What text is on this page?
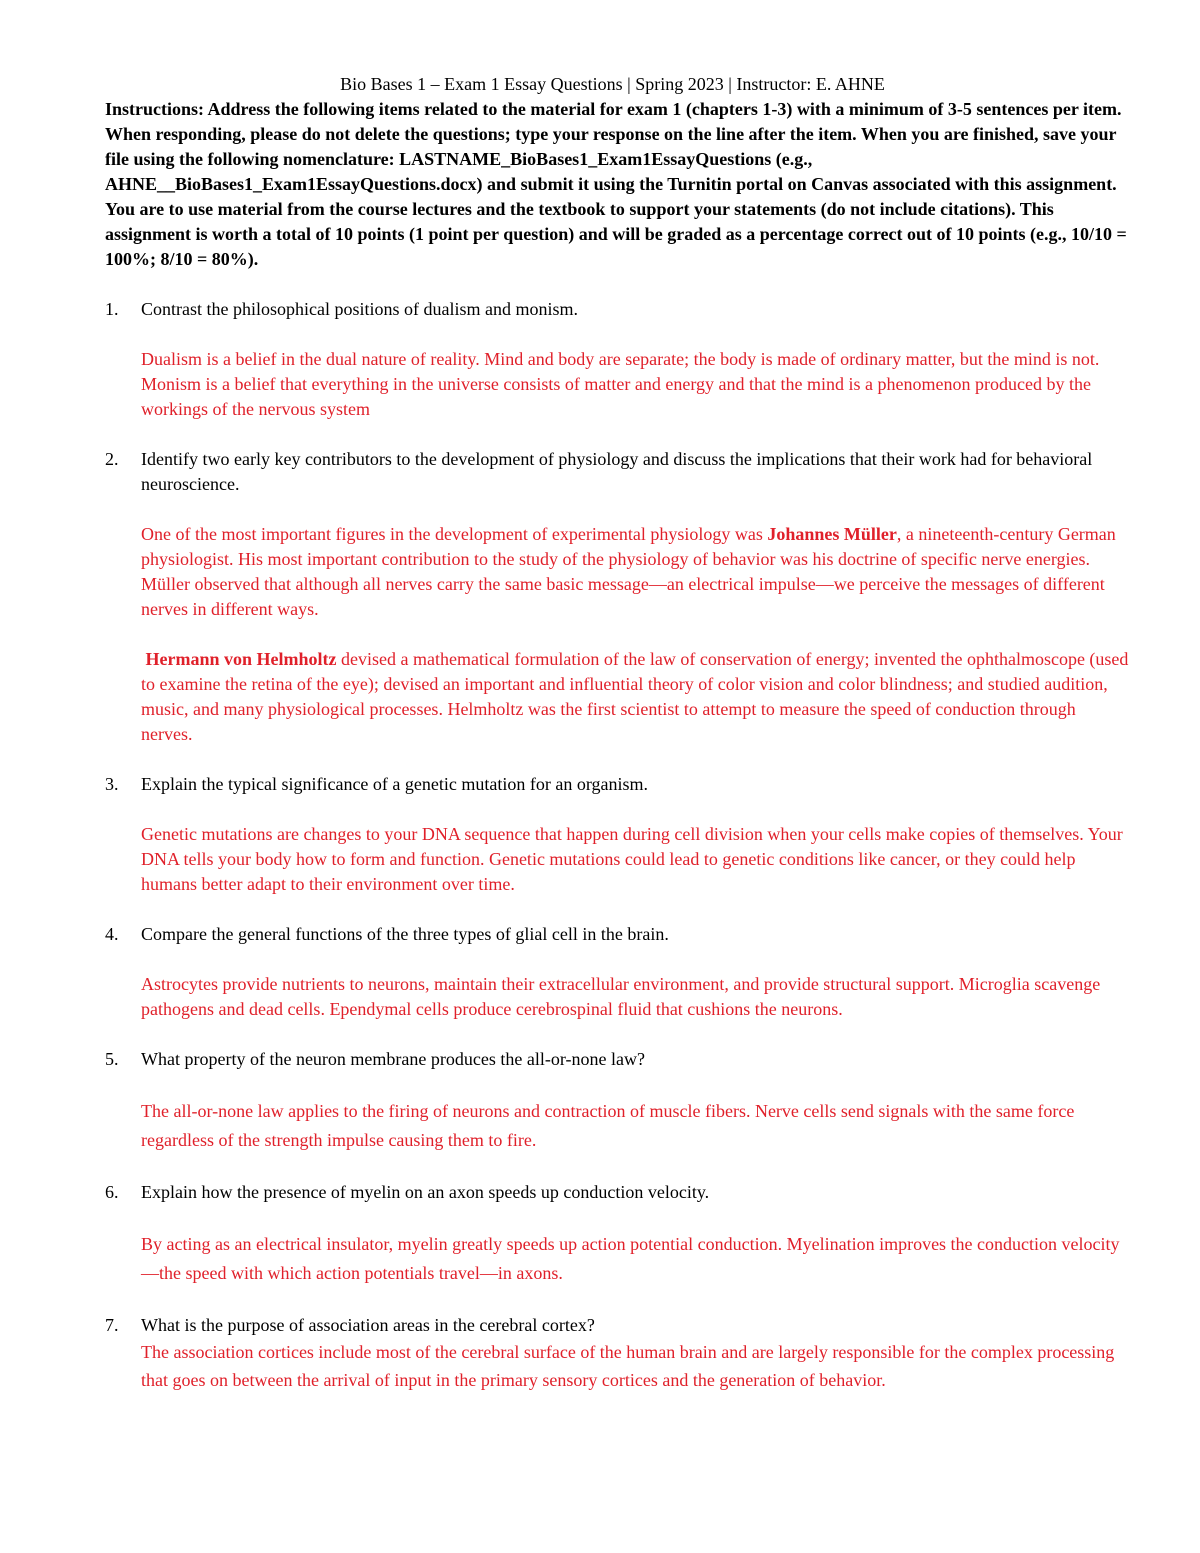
Bio Bases 1 – Exam 1 Essay Questions | Spring 2023 | Instructor: E. AHNE

Instructions: Address the following items related to the material for exam 1 (chapters 1-3) with a minimum of 3-5 sentences per item. When responding, please do not delete the questions; type your response on the line after the item. When you are finished, save your file using the following nomenclature: LASTNAME_BioBases1_Exam1EssayQuestions (e.g., AHNE__BioBases1_Exam1EssayQuestions.docx) and submit it using the Turnitin portal on Canvas associated with this assignment. You are to use material from the course lectures and the textbook to support your statements (do not include citations). This assignment is worth a total of 10 points (1 point per question) and will be graded as a percentage correct out of 10 points (e.g., 10/10 = 100%; 8/10 = 80%).

1. Contrast the philosophical positions of dualism and monism.

Dualism is a belief in the dual nature of reality. Mind and body are separate; the body is made of ordinary matter, but the mind is not. Monism is a belief that everything in the universe consists of matter and energy and that the mind is a phenomenon produced by the workings of the nervous system

2. Identify two early key contributors to the development of physiology and discuss the implications that their work had for behavioral neuroscience.

One of the most important figures in the development of experimental physiology was Johannes Müller, a nineteenth-century German physiologist. His most important contribution to the study of the physiology of behavior was his doctrine of specific nerve energies. Müller observed that although all nerves carry the same basic message—an electrical impulse—we perceive the messages of different nerves in different ways.

Hermann von Helmholtz devised a mathematical formulation of the law of conservation of energy; invented the ophthalmoscope (used to examine the retina of the eye); devised an important and influential theory of color vision and color blindness; and studied audition, music, and many physiological processes. Helmholtz was the first scientist to attempt to measure the speed of conduction through nerves.

3. Explain the typical significance of a genetic mutation for an organism.

Genetic mutations are changes to your DNA sequence that happen during cell division when your cells make copies of themselves. Your DNA tells your body how to form and function. Genetic mutations could lead to genetic conditions like cancer, or they could help humans better adapt to their environment over time.

4. Compare the general functions of the three types of glial cell in the brain.

Astrocytes provide nutrients to neurons, maintain their extracellular environment, and provide structural support. Microglia scavenge pathogens and dead cells. Ependymal cells produce cerebrospinal fluid that cushions the neurons.

5. What property of the neuron membrane produces the all-or-none law?

The all-or-none law applies to the firing of neurons and contraction of muscle fibers. Nerve cells send signals with the same force regardless of the strength impulse causing them to fire.

6. Explain how the presence of myelin on an axon speeds up conduction velocity.

By acting as an electrical insulator, myelin greatly speeds up action potential conduction. Myelination improves the conduction velocity—the speed with which action potentials travel—in axons.

7. What is the purpose of association areas in the cerebral cortex?

The association cortices include most of the cerebral surface of the human brain and are largely responsible for the complex processing that goes on between the arrival of input in the primary sensory cortices and the generation of behavior.
